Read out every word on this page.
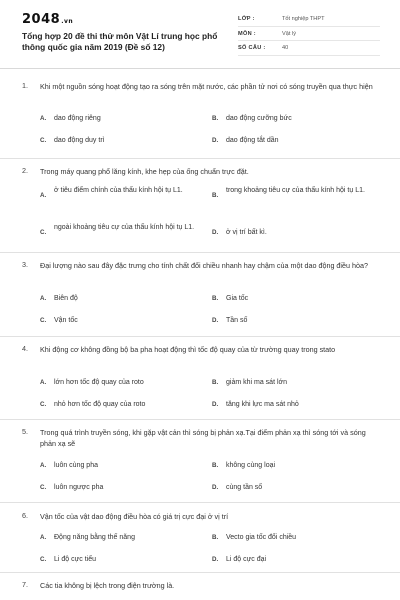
2048.vn
Tổng hợp 20 đề thi thử môn Vật Lí trung học phổ thông quốc gia năm 2019 (Đề số 12)
LỚP :	Tốt nghiệp THPT
MÔN :	Vật lý
SỐ CÂU :	40
1. Khi một nguồn sóng hoạt động tạo ra sóng trên mặt nước, các phần tử nơi có sóng truyền qua thực hiện
A. dao động riêng	B. dao động cưỡng bức
C. dao động duy trì	D. dao động tắt dần
2. Trong máy quang phổ lăng kính, khe hẹp của ống chuẩn trực đặt.
A.
ở tiêu điểm chính của thấu kính hội tụ L1.
B.
trong khoảng tiêu cự của thấu kính hội tụ L1.
C.
ngoài khoảng tiêu cự của thấu kính hội tụ L1.
D. ở vị trí bất kì.
3. Đại lượng nào sau đây đặc trưng cho tính chất đổi chiều nhanh hay chậm của một dao động điều hòa?
A. Biên độ	B. Gia tốc
C. Vận tốc	D. Tần số
4. Khi động cơ không đồng bộ ba pha hoạt động thì tốc độ quay của từ trường quay trong stato
A. lớn hơn tốc độ quay của roto	B. giảm khi ma sát lớn
C. nhỏ hơn tốc độ quay của roto	D. tăng khi lực ma sát nhỏ
5. Trong quá trình truyền sóng, khi gặp vật cản thì sóng bị phản xạ.Tại điểm phản xạ thì sóng tới và sóng phản xạ sẽ
A. luôn cùng pha	B. không cùng loại
C. luôn ngược pha	D. cùng tần số
6. Vận tốc của vật dao động điều hòa có giá trị cực đại ở vị trí
A. Động năng bằng thế năng	B. Vecto gia tốc đổi chiều
C. Li độ cực tiểu	D. Li độ cực đại
7. Các tia không bị lệch trong điện trường là.
